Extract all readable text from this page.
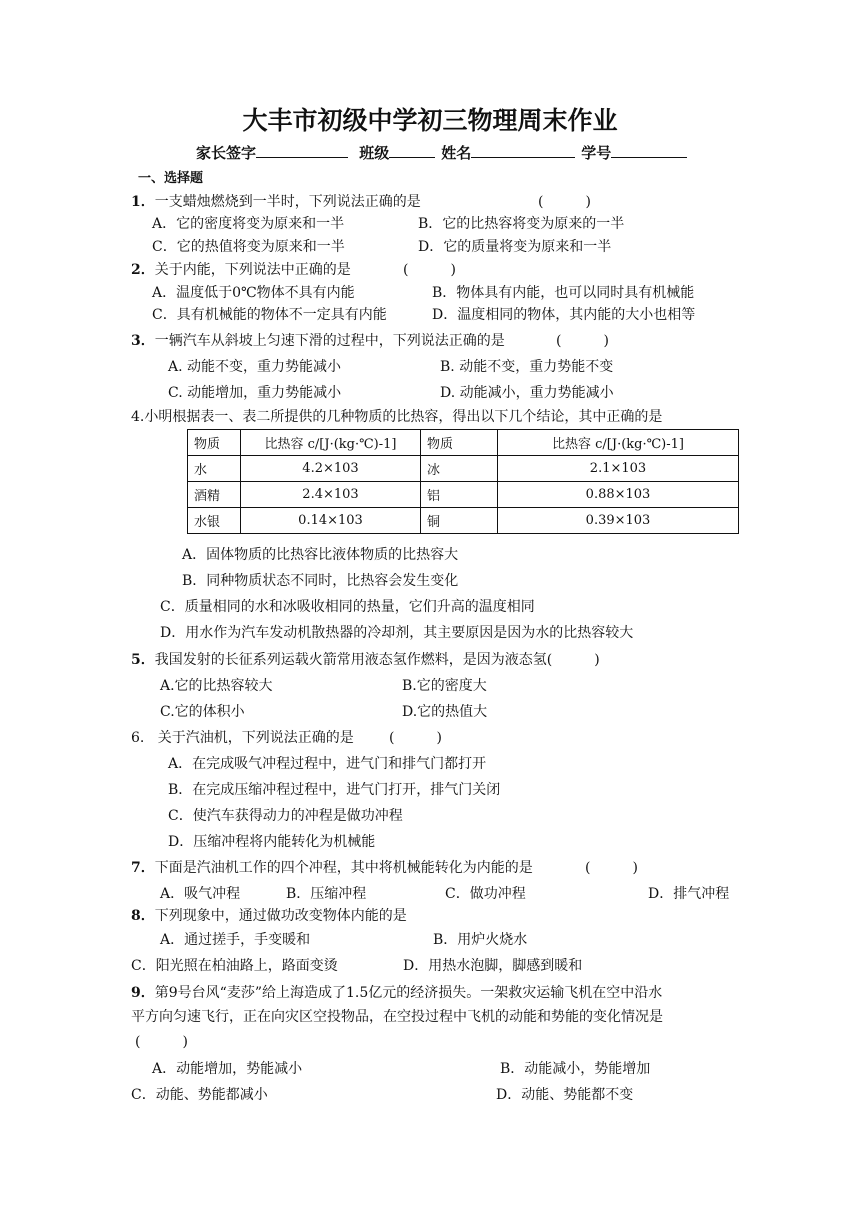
大丰市初级中学初三物理周末作业
家长签字	班级	姓名	学号
一、选择题
1．一支蜡烛燃烧到一半时，下列说法正确的是	(　　　)
A．它的密度将变为原来和一半	B．它的比热容将变为原来的一半
C．它的热值将变为原来和一半	D．它的质量将变为原来和一半
2．关于内能，下列说法中正确的是	(　　　)
A．温度低于0℃物体不具有内能	B．物体具有内能，也可以同时具有机械能
C．具有机械能的物体不一定具有内能	D．温度相同的物体，其内能的大小也相等
3．一辆汽车从斜坡上匀速下滑的过程中，下列说法正确的是	(　　　)
A. 动能不变，重力势能减小	B. 动能不变，重力势能不变
C. 动能增加，重力势能减小	D. 动能减小，重力势能减小
4.小明根据表一、表二所提供的几种物质的比热容，得出以下几个结论，其中正确的是
物质	比热容 c/[J·(kg·℃)-1]	物质	比热容 c/[J·(kg·℃)-1]
水	4.2×103	冰	2.1×103
酒精	2.4×103	铝	0.88×103
水银	0.14×103	铜	0.39×103
A．固体物质的比热容比液体物质的比热容大
B．同种物质状态不同时，比热容会发生变化
C．质量相同的水和冰吸收相同的热量，它们升高的温度相同
D．用水作为汽车发动机散热器的冷却剂，其主要原因是因为水的比热容较大
5．我国发射的长征系列运载火箭常用液态氢作燃料，是因为液态氢(　　　)
A.它的比热容较大	B.它的密度大
C.它的体积小	D.它的热值大
6. 关于汽油机，下列说法正确的是	(　　　)
A．在完成吸气冲程过程中，进气门和排气门都打开
B．在完成压缩冲程过程中，进气门打开，排气门关闭
C．使汽车获得动力的冲程是做功冲程
D．压缩冲程将内能转化为机械能
7．下面是汽油机工作的四个冲程，其中将机械能转化为内能的是	(　　　)
A．吸气冲程	B．压缩冲程	C．做功冲程	D．排气冲程
8．下列现象中，通过做功改变物体内能的是
A．通过搓手，手变暖和	B．用炉火烧水
C．阳光照在柏油路上，路面变烫	D．用热水泡脚，脚感到暖和
9．第9号台风“麦莎”给上海造成了1.5亿元的经济损失。一架救灾运输飞机在空中沿水
平方向匀速飞行，正在向灾区空投物品，在空投过程中飞机的动能和势能的变化情况是
(　　　)
A．动能增加，势能减小	B．动能减小，势能增加
C．动能、势能都减小	D．动能、势能都不变
